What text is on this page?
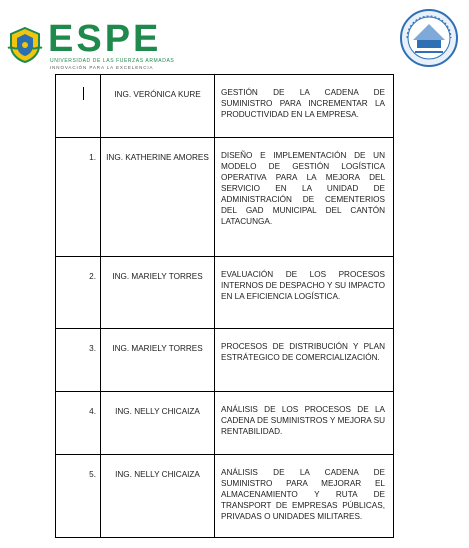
ESPE
UNIVERSIDAD DE LAS FUERZAS ARMADAS
INNOVACIÓN PARA LA EXCELENCIA

	ING. VERÓNICA KURE	GESTIÓN DE LA CADENA DE SUMINISTRO PARA INCREMENTAR LA PRODUCTIVIDAD EN LA EMPRESA.

1.	ING. KATHERINE AMORES	DISEÑO E IMPLEMENTACIÓN DE UN MODELO DE GESTIÓN LOGÍSTICA OPERATIVA PARA LA MEJORA DEL SERVICIO EN LA UNIDAD DE ADMINISTRACIÓN DE CEMENTERIOS DEL GAD MUNICIPAL DEL CANTÓN LATACUNGA.

2.	ING. MARIELY TORRES	EVALUACIÓN DE LOS PROCESOS INTERNOS DE DESPACHO Y SU IMPACTO EN LA EFICIENCIA LOGÍSTICA.

3.	ING. MARIELY TORRES	PROCESOS DE DISTRIBUCIÓN Y PLAN ESTRÁTEGICO DE COMERCIALIZACIÓN.

4.	ING. NELLY CHICAIZA	ANÁLISIS DE LOS PROCESOS DE LA CADENA DE SUMINISTROS Y MEJORA SU RENTABILIDAD.

5.	ING. NELLY CHICAIZA	ANÁLISIS DE LA CADENA DE SUMINISTRO PARA MEJORAR EL ALMACENAMIENTO Y RUTA DE TRANSPORT DE EMPRESAS PÚBLICAS, PRIVADAS O UNIDADES MILITARES.
